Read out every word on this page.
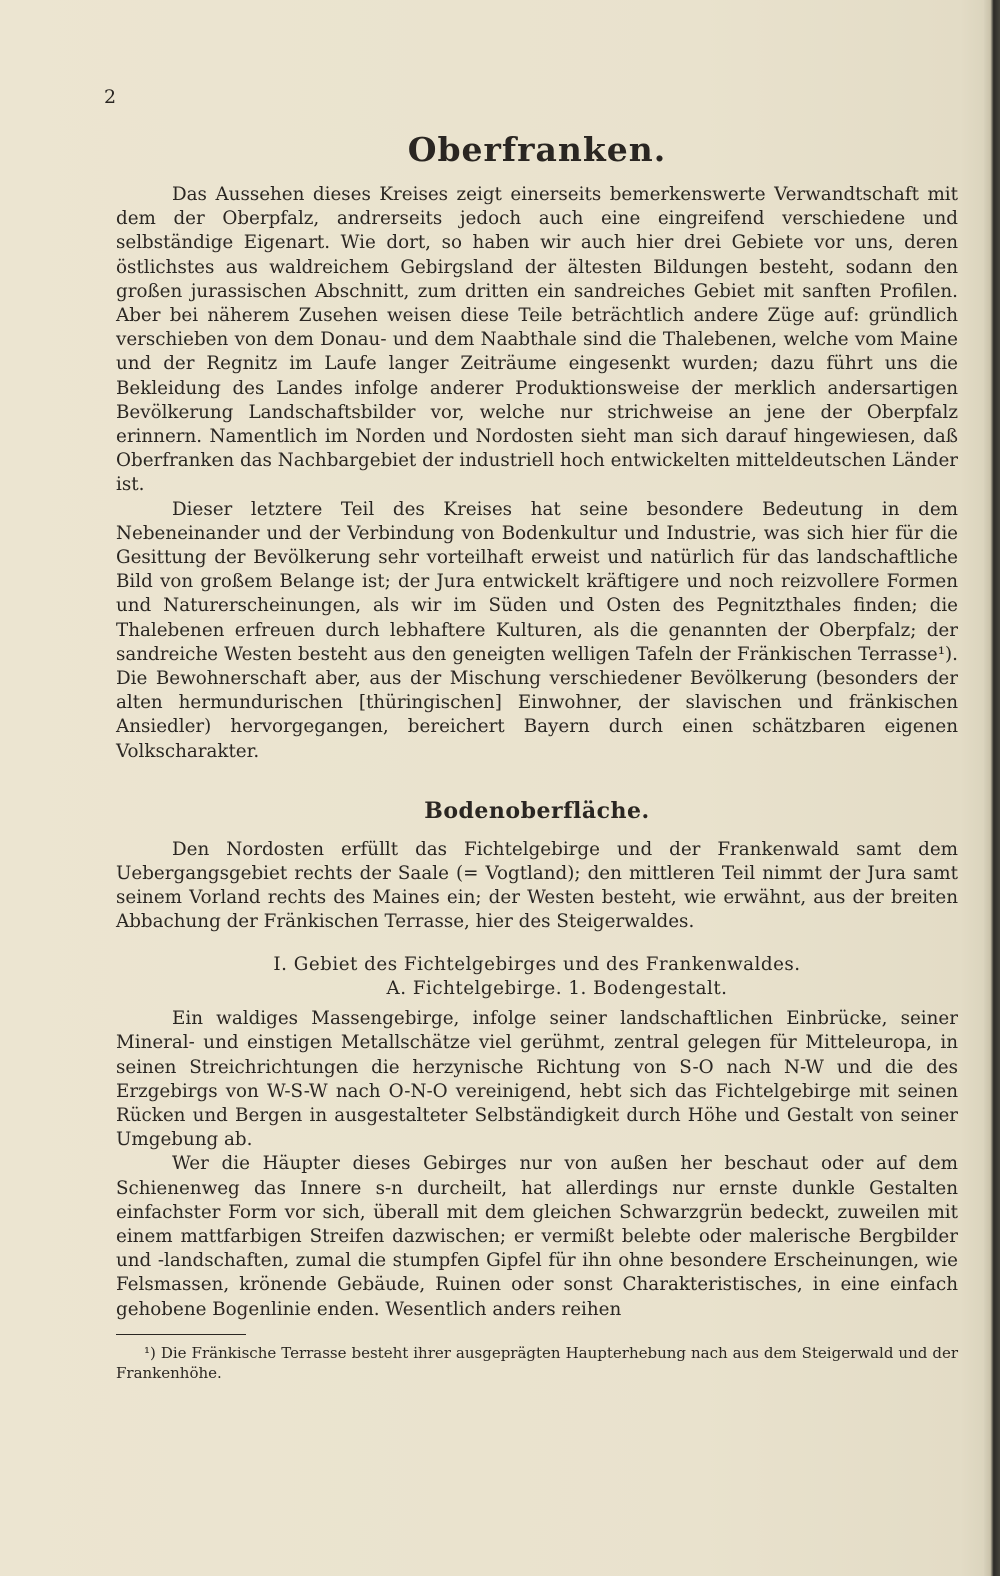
2
Oberfranken.

Das Aussehen dieses Kreises zeigt einerseits bemerkenswerte Verwandtschaft mit dem der Oberpfalz, andrerseits jedoch auch eine eingreifend verschiedene und selbständige Eigenart. Wie dort, so haben wir auch hier drei Gebiete vor uns, deren östlichstes aus waldreichem Gebirgsland der ältesten Bildungen besteht, sodann den großen jurassischen Abschnitt, zum dritten ein sandreiches Gebiet mit sanften Profilen. Aber bei näherem Zusehen weisen diese Teile beträchtlich andere Züge auf: gründlich verschieben von dem Donau- und dem Naabthale sind die Thalebenen, welche vom Maine und der Regnitz im Laufe langer Zeiträume eingesenkt wurden; dazu führt uns die Bekleidung des Landes infolge anderer Produktionsweise der merklich andersartigen Bevölkerung Landschaftsbilder vor, welche nur strichweise an jene der Oberpfalz erinnern. Namentlich im Norden und Nordosten sieht man sich darauf hingewiesen, daß Oberfranken das Nachbargebiet der industriell hoch entwickelten mitteldeutschen Länder ist.

Dieser letztere Teil des Kreises hat seine besondere Bedeutung in dem Nebeneinander und der Verbindung von Bodenkultur und Industrie, was sich hier für die Gesittung der Bevölkerung sehr vorteilhaft erweist und natürlich für das landschaftliche Bild von großem Belange ist; der Jura entwickelt kräftigere und noch reizvollere Formen und Naturerscheinungen, als wir im Süden und Osten des Pegnitzthales finden; die Thalebenen erfreuen durch lebhaftere Kulturen, als die genannten der Oberpfalz; der sandreiche Westen besteht aus den geneigten welligen Tafeln der Fränkischen Terrasse¹). Die Bewohnerschaft aber, aus der Mischung verschiedener Bevölkerung (besonders der alten hermundurischen [thüringischen] Einwohner, der slavischen und fränkischen Ansiedler) hervorgegangen, bereichert Bayern durch einen schätzbaren eigenen Volkscharakter.

Bodenoberfläche.

Den Nordosten erfüllt das Fichtelgebirge und der Frankenwald samt dem Uebergangsgebiet rechts der Saale (= Vogtland); den mittleren Teil nimmt der Jura samt seinem Vorland rechts des Maines ein; der Westen besteht, wie erwähnt, aus der breiten Abbachung der Fränkischen Terrasse, hier des Steigerwaldes.

I. Gebiet des Fichtelgebirges und des Frankenwaldes.
A. Fichtelgebirge. 1. Bodengestalt.

Ein waldiges Massengebirge, infolge seiner landschaftlichen Einbrücke, seiner Mineral- und einstigen Metallschätze viel gerühmt, zentral gelegen für Mitteleuropa, in seinen Streichrichtungen die herzynische Richtung von S-O nach N-W und die des Erzgebirgs von W-S-W nach O-N-O vereinigend, hebt sich das Fichtelgebirge mit seinen Rücken und Bergen in ausgestalteter Selbständigkeit durch Höhe und Gestalt von seiner Umgebung ab.

Wer die Häupter dieses Gebirges nur von außen her beschaut oder auf dem Schienenweg das Innere s-n durcheilt, hat allerdings nur ernste dunkle Gestalten einfachster Form vor sich, überall mit dem gleichen Schwarzgrün bedeckt, zuweilen mit einem mattfarbigen Streifen dazwischen; er vermißt belebte oder malerische Bergbilder und -landschaften, zumal die stumpfen Gipfel für ihn ohne besondere Erscheinungen, wie Felsmassen, krönende Gebäude, Ruinen oder sonst Charakteristisches, in eine einfach gehobene Bogenlinie enden. Wesentlich anders reihen

¹) Die Fränkische Terrasse besteht ihrer ausgeprägten Haupterhebung nach aus dem Steigerwald und der Frankenhöhe.
